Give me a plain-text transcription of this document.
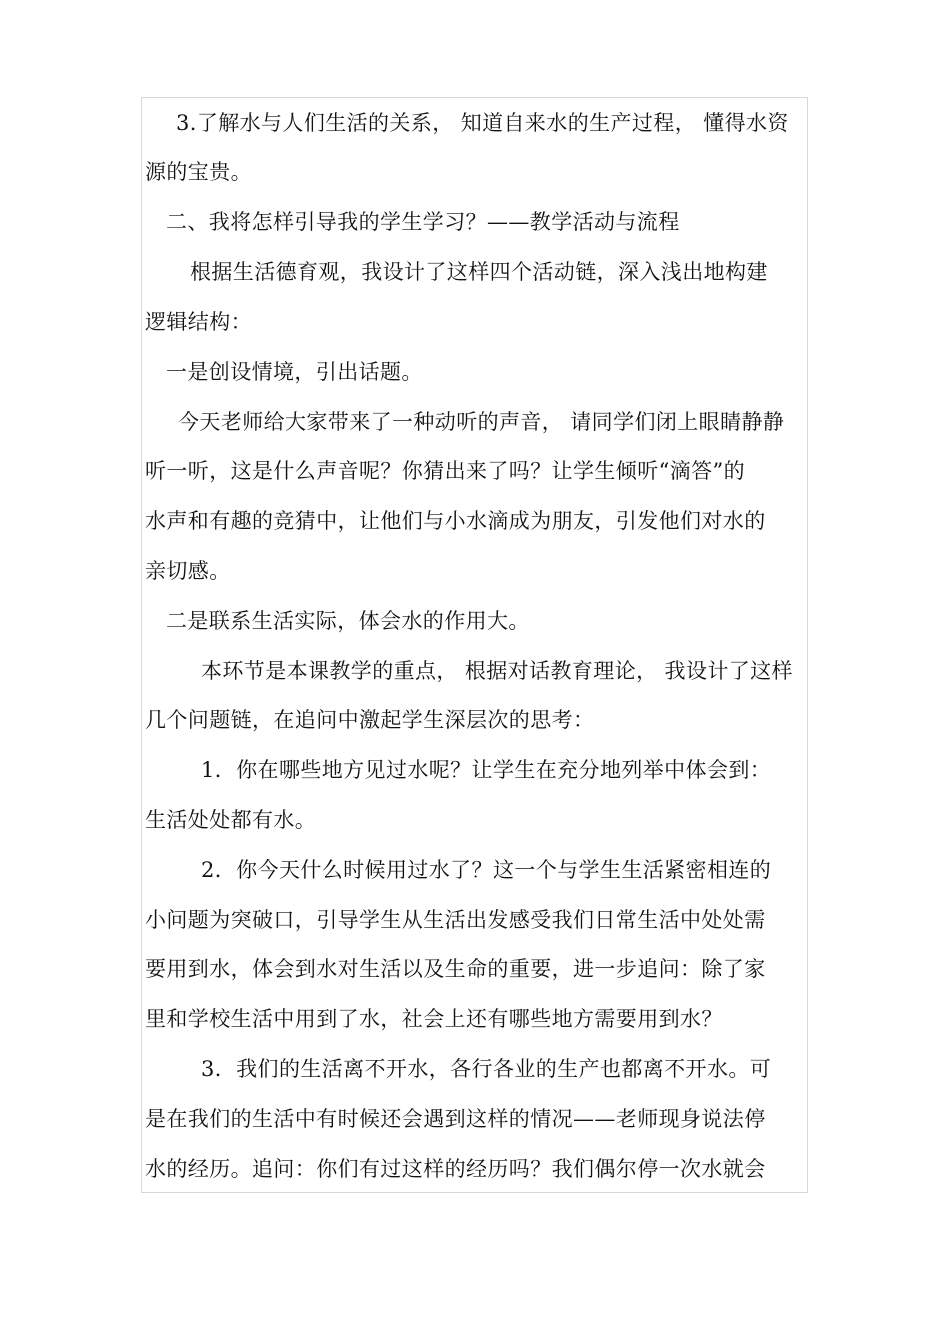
3.了解水与人们生活的关系， 知道自来水的生产过程， 懂得水资
源的宝贵。
二、我将怎样引导我的学生学习？——教学活动与流程
根据生活德育观，我设计了这样四个活动链，深入浅出地构建
逻辑结构：
一是创设情境，引出话题。
今天老师给大家带来了一种动听的声音， 请同学们闭上眼睛静静
听一听，这是什么声音呢？你猜出来了吗？让学生倾听“滴答”的
水声和有趣的竞猜中，让他们与小水滴成为朋友，引发他们对水的
亲切感。
二是联系生活实际，体会水的作用大。
本环节是本课教学的重点， 根据对话教育理论， 我设计了这样
几个问题链，在追问中激起学生深层次的思考：
1．你在哪些地方见过水呢？让学生在充分地列举中体会到：
生活处处都有水。
2．你今天什么时候用过水了？这一个与学生生活紧密相连的
小问题为突破口，引导学生从生活出发感受我们日常生活中处处需
要用到水，体会到水对生活以及生命的重要，进一步追问：除了家
里和学校生活中用到了水，社会上还有哪些地方需要用到水？
3．我们的生活离不开水，各行各业的生产也都离不开水。可
是在我们的生活中有时候还会遇到这样的情况——老师现身说法停
水的经历。追问：你们有过这样的经历吗？我们偶尔停一次水就会
